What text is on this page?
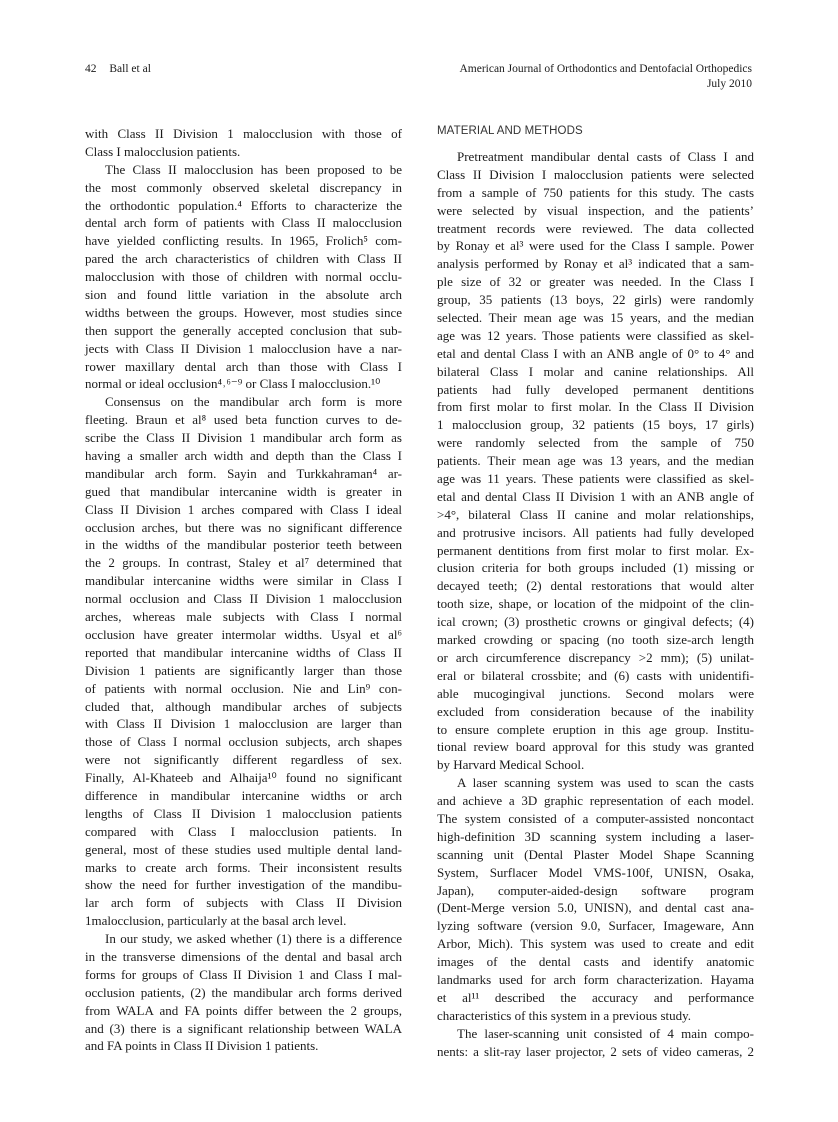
42 Ball et al	American Journal of Orthodontics and Dentofacial Orthopedics
July 2010
with Class II Division 1 malocclusion with those of
Class I malocclusion patients.
The Class II malocclusion has been proposed to be
the most commonly observed skeletal discrepancy in
the orthodontic population.⁴ Efforts to characterize the
dental arch form of patients with Class II malocclusion
have yielded conflicting results. In 1965, Frolich⁵ com-
pared the arch characteristics of children with Class II
malocclusion with those of children with normal occlu-
sion and found little variation in the absolute arch
widths between the groups. However, most studies since
then support the generally accepted conclusion that sub-
jects with Class II Division 1 malocclusion have a nar-
rower maxillary dental arch than those with Class I
normal or ideal occlusion⁴˒⁶⁻⁹ or Class I malocclusion.¹⁰
Consensus on the mandibular arch form is more
fleeting. Braun et al⁸ used beta function curves to de-
scribe the Class II Division 1 mandibular arch form as
having a smaller arch width and depth than the Class I
mandibular arch form. Sayin and Turkkahraman⁴ ar-
gued that mandibular intercanine width is greater in
Class II Division 1 arches compared with Class I ideal
occlusion arches, but there was no significant difference
in the widths of the mandibular posterior teeth between
the 2 groups. In contrast, Staley et al⁷ determined that
mandibular intercanine widths were similar in Class I
normal occlusion and Class II Division 1 malocclusion
arches, whereas male subjects with Class I normal
occlusion have greater intermolar widths. Usyal et al⁶
reported that mandibular intercanine widths of Class II
Division 1 patients are significantly larger than those
of patients with normal occlusion. Nie and Lin⁹ con-
cluded that, although mandibular arches of subjects
with Class II Division 1 malocclusion are larger than
those of Class I normal occlusion subjects, arch shapes
were not significantly different regardless of sex.
Finally, Al-Khateeb and Alhaija¹⁰ found no significant
difference in mandibular intercanine widths or arch
lengths of Class II Division 1 malocclusion patients
compared with Class I malocclusion patients. In
general, most of these studies used multiple dental land-
marks to create arch forms. Their inconsistent results
show the need for further investigation of the mandibu-
lar arch form of subjects with Class II Division
1malocclusion, particularly at the basal arch level.
In our study, we asked whether (1) there is a difference
in the transverse dimensions of the dental and basal arch
forms for groups of Class II Division 1 and Class I mal-
occlusion patients, (2) the mandibular arch forms derived
from WALA and FA points differ between the 2 groups,
and (3) there is a significant relationship between WALA
and FA points in Class II Division 1 patients.
MATERIAL AND METHODS
Pretreatment mandibular dental casts of Class I and
Class II Division I malocclusion patients were selected
from a sample of 750 patients for this study. The casts
were selected by visual inspection, and the patients’
treatment records were reviewed. The data collected
by Ronay et al³ were used for the Class I sample. Power
analysis performed by Ronay et al³ indicated that a sam-
ple size of 32 or greater was needed. In the Class I
group, 35 patients (13 boys, 22 girls) were randomly
selected. Their mean age was 15 years, and the median
age was 12 years. Those patients were classified as skel-
etal and dental Class I with an ANB angle of 0° to 4° and
bilateral Class I molar and canine relationships. All
patients had fully developed permanent dentitions
from first molar to first molar. In the Class II Division
1 malocclusion group, 32 patients (15 boys, 17 girls)
were randomly selected from the sample of 750
patients. Their mean age was 13 years, and the median
age was 11 years. These patients were classified as skel-
etal and dental Class II Division 1 with an ANB angle of
>4°, bilateral Class II canine and molar relationships,
and protrusive incisors. All patients had fully developed
permanent dentitions from first molar to first molar. Ex-
clusion criteria for both groups included (1) missing or
decayed teeth; (2) dental restorations that would alter
tooth size, shape, or location of the midpoint of the clin-
ical crown; (3) prosthetic crowns or gingival defects; (4)
marked crowding or spacing (no tooth size-arch length
or arch circumference discrepancy >2 mm); (5) unilat-
eral or bilateral crossbite; and (6) casts with unidentifi-
able mucogingival junctions. Second molars were
excluded from consideration because of the inability
to ensure complete eruption in this age group. Institu-
tional review board approval for this study was granted
by Harvard Medical School.
A laser scanning system was used to scan the casts
and achieve a 3D graphic representation of each model.
The system consisted of a computer-assisted noncontact
high-definition 3D scanning system including a laser-
scanning unit (Dental Plaster Model Shape Scanning
System, Surflacer Model VMS-100f, UNISN, Osaka,
Japan), computer-aided-design software program
(Dent-Merge version 5.0, UNISN), and dental cast ana-
lyzing software (version 9.0, Surfacer, Imageware, Ann
Arbor, Mich). This system was used to create and edit
images of the dental casts and identify anatomic
landmarks used for arch form characterization. Hayama
et al¹¹ described the accuracy and performance
characteristics of this system in a previous study.
The laser-scanning unit consisted of 4 main compo-
nents: a slit-ray laser projector, 2 sets of video cameras, 2
